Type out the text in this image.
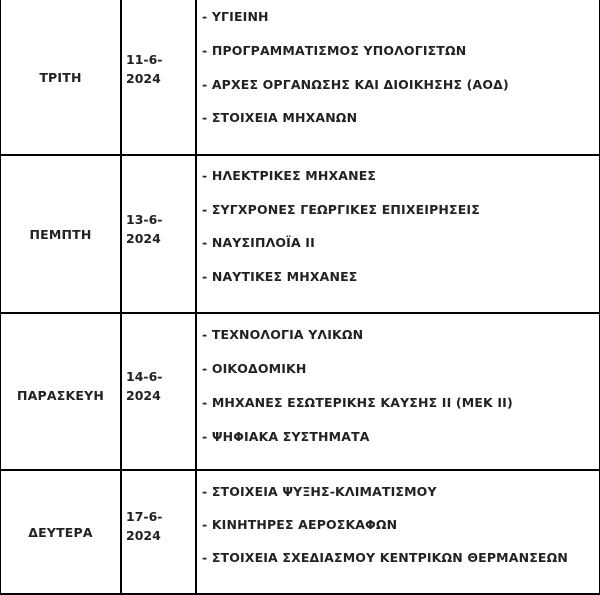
ΤΡΙΤΗ
11-6-
2024
- ΥΓΙΕΙΝΗ
- ΠΡΟΓΡΑΜΜΑΤΙΣΜΟΣ ΥΠΟΛΟΓΙΣΤΩΝ
- ΑΡΧΕΣ ΟΡΓΑΝΩΣΗΣ ΚΑΙ ΔΙΟΙΚΗΣΗΣ (ΑΟΔ)
- ΣΤΟΙΧΕΙΑ ΜΗΧΑΝΩΝ
ΠΕΜΠΤΗ
13-6-
2024
- ΗΛΕΚΤΡΙΚΕΣ ΜΗΧΑΝΕΣ
- ΣΥΓΧΡΟΝΕΣ ΓΕΩΡΓΙΚΕΣ ΕΠΙΧΕΙΡΗΣΕΙΣ
- ΝΑΥΣΙΠΛΟΪΑ ΙΙ
- ΝΑΥΤΙΚΕΣ ΜΗΧΑΝΕΣ
ΠΑΡΑΣΚΕΥΗ
14-6-
2024
- ΤΕΧΝΟΛΟΓΙΑ ΥΛΙΚΩΝ
- ΟΙΚΟΔΟΜΙΚΗ
- ΜΗΧΑΝΕΣ ΕΣΩΤΕΡΙΚΗΣ ΚΑΥΣΗΣ ΙΙ (ΜΕΚ ΙΙ)
- ΨΗΦΙΑΚΑ ΣΥΣΤΗΜΑΤΑ
ΔΕΥΤΕΡΑ
17-6-
2024
- ΣΤΟΙΧΕΙΑ ΨΥΞΗΣ-ΚΛΙΜΑΤΙΣΜΟΥ
- ΚΙΝΗΤΗΡΕΣ ΑΕΡΟΣΚΑΦΩΝ
- ΣΤΟΙΧΕΙΑ ΣΧΕΔΙΑΣΜΟΥ ΚΕΝΤΡΙΚΩΝ ΘΕΡΜΑΝΣΕΩΝ
